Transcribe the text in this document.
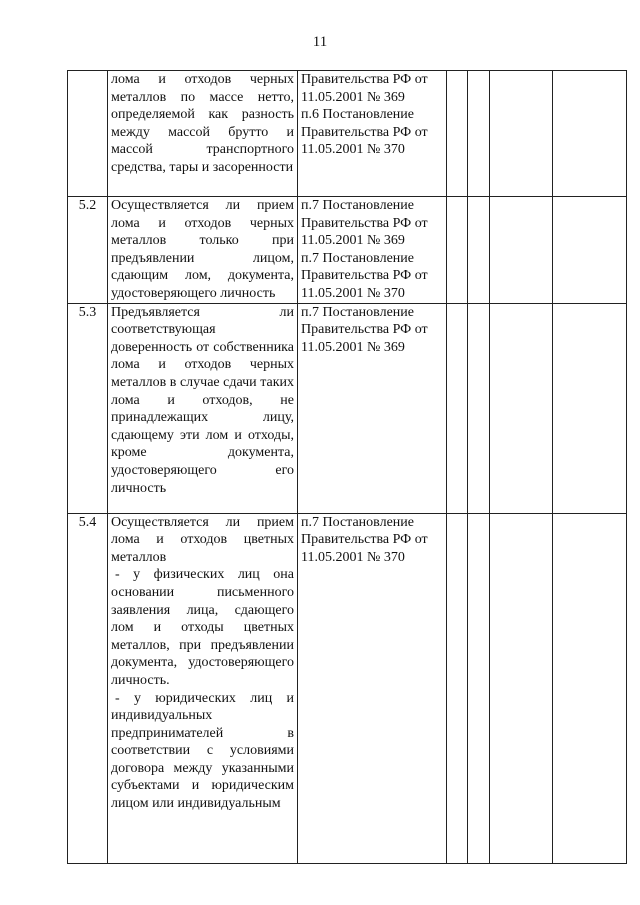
11

	лома и отходов черных металлов по массе нетто, определяемой как разность между массой брутто и массой транспортного средства, тары и засоренности	Правительства РФ от 11.05.2001 № 369
п.6 Постановление Правительства РФ от 11.05.2001 № 370				

5.2	Осуществляется ли прием лома и отходов черных металлов только при предъявлении лицом, сдающим лом, документа, удостоверяющего личность	п.7 Постановление Правительства РФ от 11.05.2001 № 369
п.7 Постановление Правительства РФ от 11.05.2001 № 370				

5.3	Предъявляется ли соответствующая доверенность от собственника лома и отходов черных металлов в случае сдачи таких лома и отходов, не принадлежащих лицу, сдающему эти лом и отходы, кроме документа, удостоверяющего его личность	п.7 Постановление Правительства РФ от 11.05.2001 № 369				

5.4	Осуществляется ли прием лома и отходов цветных металлов
- у физических лиц она основании письменного заявления лица, сдающего лом и отходы цветных металлов, при предъявлении документа, удостоверяющего личность.
- у юридических лиц и индивидуальных предпринимателей в соответствии с условиями договора между указанными субъектами и юридическим лицом или индивидуальным	п.7 Постановление Правительства РФ от 11.05.2001 № 370				
